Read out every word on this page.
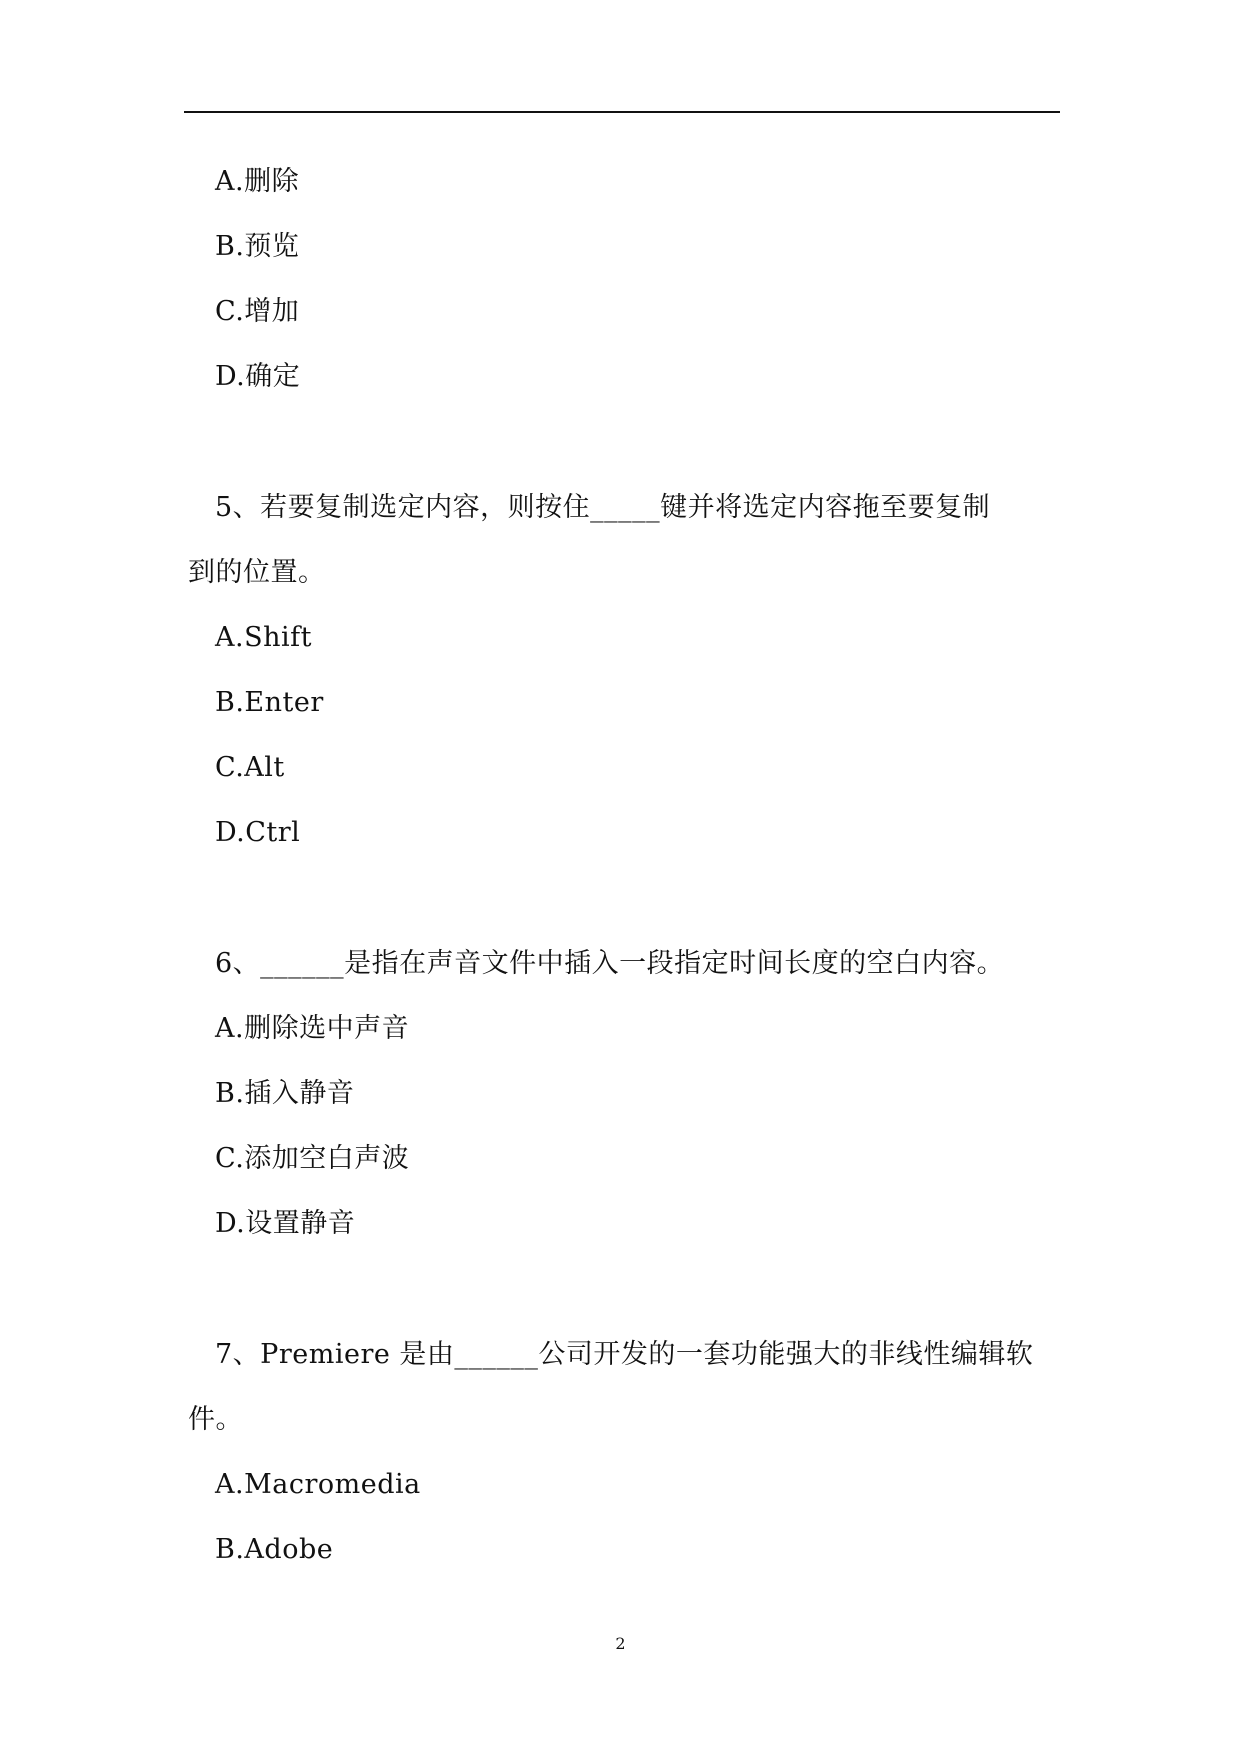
A.删除
B.预览
C.增加
D.确定
5、若要复制选定内容，则按住_____键并将选定内容拖至要复制
到的位置。
A.Shift
B.Enter
C.Alt
D.Ctrl
6、______是指在声音文件中插入一段指定时间长度的空白内容。
A.删除选中声音
B.插入静音
C.添加空白声波
D.设置静音
7、Premiere 是由______公司开发的一套功能强大的非线性编辑软
件。
A.Macromedia
B.Adobe
2
